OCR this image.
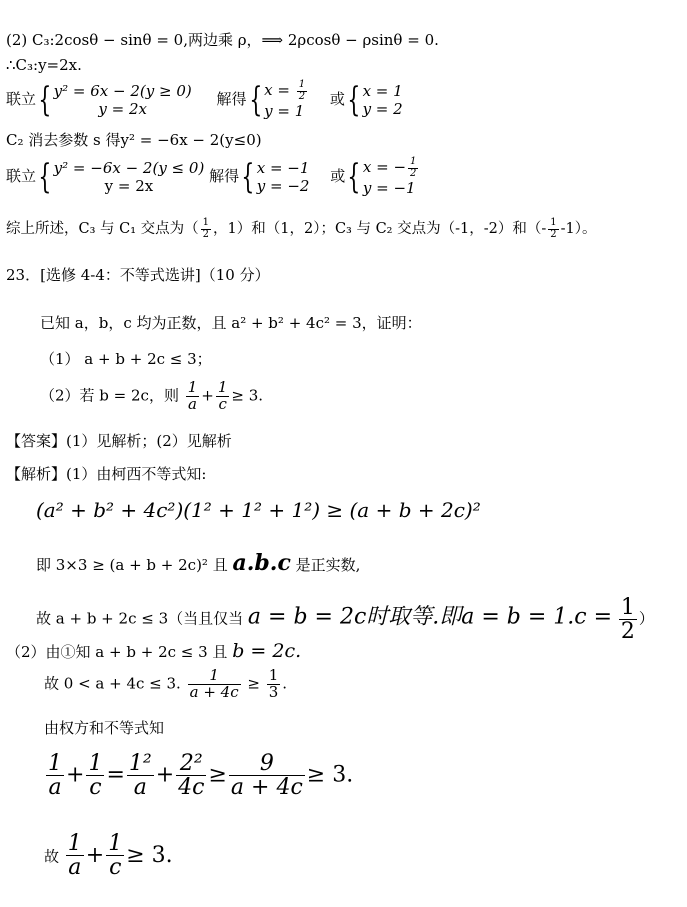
(2) C₃:2cosθ − sinθ = 0,两边乘 ρ，⟹ 2ρcosθ − ρsinθ = 0.
∴C₃:y=2x.
联立{ y² = 6x − 2(y ≥ 0)
y = 2x
解得{ $x = \frac{1}{2}$
y = 1
或{ x = 1
y = 2
C₂ 消去参数 s 得y² = −6x − 2(y≤0)
联立{ y² = −6x − 2(y ≤ 0)
y = 2x
解得{ x = −1
y = −2
或{ x = − $\frac{1}{2}$
y = −1
综上所述，C₃ 与 C₁ 交点为（ $\frac{1}{2}$ ，1）和（1，2）；C₃ 与 C₂ 交点为（-1，-2）和（- $\frac{1}{2} -1$）。
23．[选修 4-4：不等式选讲]（10 分）
已知 a，b，c 均为正数，且 a² + b² + 4c² = 3，证明：
（1） a + b + 2c ≤ 3；
（2）若 b = 2c，则 $\frac{1}{a} + \frac{1}{c} \ge 3$.
【答案】(1）见解析；(2）见解析
【解析】(1）由柯西不等式知:
(a² + b² + 4c²)(1² + 1² + 1²) ≥ (a + b + 2c)²
即 3×3 ≥ (a + b + 2c)² 且 a.b.c 是正实数,
故 a + b + 2c ≤ 3（当且仅当 a = b = 2c时取等.即$a = b = 1.c = \frac{1}{2}$ ）
（2）由①知 a + b + 2c ≤ 3 且 b = 2c.
故 0 < a + 4c ≤ 3. $\frac{1}{a + 4c} \ge \frac{1}{3}$ .
由权方和不等式知
$\frac{1}{a} + \frac{1}{c} = \frac{\text{1²}}{a} + \frac{\text{2²}}{4c} \ge \frac{9}{a + 4c} \ge 3$.
故 $\frac{1}{a} + \frac{1}{c} \ge 3$.
